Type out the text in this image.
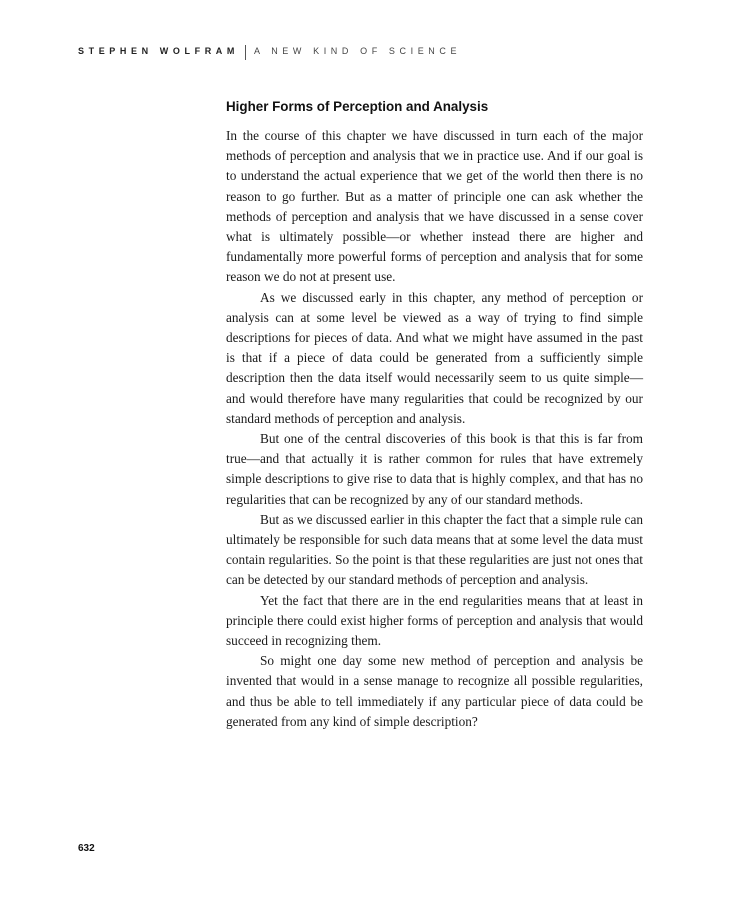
STEPHEN WOLFRAM A NEW KIND OF SCIENCE
Higher Forms of Perception and Analysis

In the course of this chapter we have discussed in turn each of the major methods of perception and analysis that we in practice use. And if our goal is to understand the actual experience that we get of the world then there is no reason to go further. But as a matter of principle one can ask whether the methods of perception and analysis that we have discussed in a sense cover what is ultimately possible—or whether instead there are higher and fundamentally more powerful forms of perception and analysis that for some reason we do not at present use.

As we discussed early in this chapter, any method of perception or analysis can at some level be viewed as a way of trying to find simple descriptions for pieces of data. And what we might have assumed in the past is that if a piece of data could be generated from a sufficiently simple description then the data itself would necessarily seem to us quite simple—and would therefore have many regularities that could be recognized by our standard methods of perception and analysis.

But one of the central discoveries of this book is that this is far from true—and that actually it is rather common for rules that have extremely simple descriptions to give rise to data that is highly complex, and that has no regularities that can be recognized by any of our standard methods.

But as we discussed earlier in this chapter the fact that a simple rule can ultimately be responsible for such data means that at some level the data must contain regularities. So the point is that these regularities are just not ones that can be detected by our standard methods of perception and analysis.

Yet the fact that there are in the end regularities means that at least in principle there could exist higher forms of perception and analysis that would succeed in recognizing them.

So might one day some new method of perception and analysis be invented that would in a sense manage to recognize all possible regularities, and thus be able to tell immediately if any particular piece of data could be generated from any kind of simple description?

632
